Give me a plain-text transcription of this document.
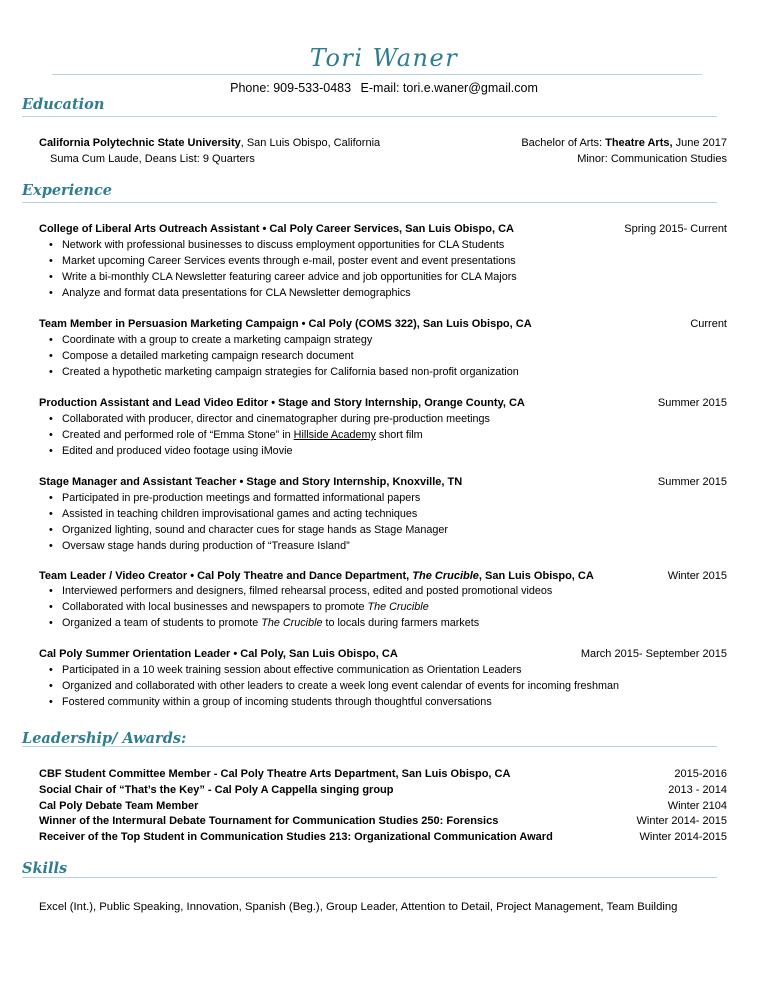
Tori Waner
Phone: 909-533-0483 E-mail: tori.e.waner@gmail.com
Education
California Polytechnic State University, San Luis Obispo, California	Bachelor of Arts: Theatre Arts, June 2017
Suma Cum Laude, Deans List: 9 Quarters	Minor: Communication Studies
Experience
College of Liberal Arts Outreach Assistant • Cal Poly Career Services, San Luis Obispo, CA	Spring 2015- Current
• Network with professional businesses to discuss employment opportunities for CLA Students
• Market upcoming Career Services events through e-mail, poster event and event presentations
• Write a bi-monthly CLA Newsletter featuring career advice and job opportunities for CLA Majors
• Analyze and format data presentations for CLA Newsletter demographics
Team Member in Persuasion Marketing Campaign • Cal Poly (COMS 322), San Luis Obispo, CA	Current
• Coordinate with a group to create a marketing campaign strategy
• Compose a detailed marketing campaign research document
• Created a hypothetic marketing campaign strategies for California based non-profit organization
Production Assistant and Lead Video Editor • Stage and Story Internship, Orange County, CA	Summer 2015
• Collaborated with producer, director and cinematographer during pre-production meetings
• Created and performed role of “Emma Stone” in Hillside Academy short film
• Edited and produced video footage using iMovie
Stage Manager and Assistant Teacher • Stage and Story Internship, Knoxville, TN	Summer 2015
• Participated in pre-production meetings and formatted informational papers
• Assisted in teaching children improvisational games and acting techniques
• Organized lighting, sound and character cues for stage hands as Stage Manager
• Oversaw stage hands during production of “Treasure Island”
Team Leader / Video Creator • Cal Poly Theatre and Dance Department, The Crucible, San Luis Obispo, CA	Winter 2015
• Interviewed performers and designers, filmed rehearsal process, edited and posted promotional videos
• Collaborated with local businesses and newspapers to promote The Crucible
• Organized a team of students to promote The Crucible to locals during farmers markets
Cal Poly Summer Orientation Leader • Cal Poly, San Luis Obispo, CA	March 2015- September 2015
• Participated in a 10 week training session about effective communication as Orientation Leaders
• Organized and collaborated with other leaders to create a week long event calendar of events for incoming freshman
• Fostered community within a group of incoming students through thoughtful conversations
Leadership/ Awards:
CBF Student Committee Member - Cal Poly Theatre Arts Department, San Luis Obispo, CA	2015-2016
Social Chair of “That’s the Key” - Cal Poly A Cappella singing group	2013 - 2014
Cal Poly Debate Team Member	Winter 2104
Winner of the Intermural Debate Tournament for Communication Studies 250: Forensics	Winter 2014- 2015
Receiver of the Top Student in Communication Studies 213: Organizational Communication Award	Winter 2014-2015
Skills
Excel (Int.), Public Speaking, Innovation, Spanish (Beg.), Group Leader, Attention to Detail, Project Management, Team Building
